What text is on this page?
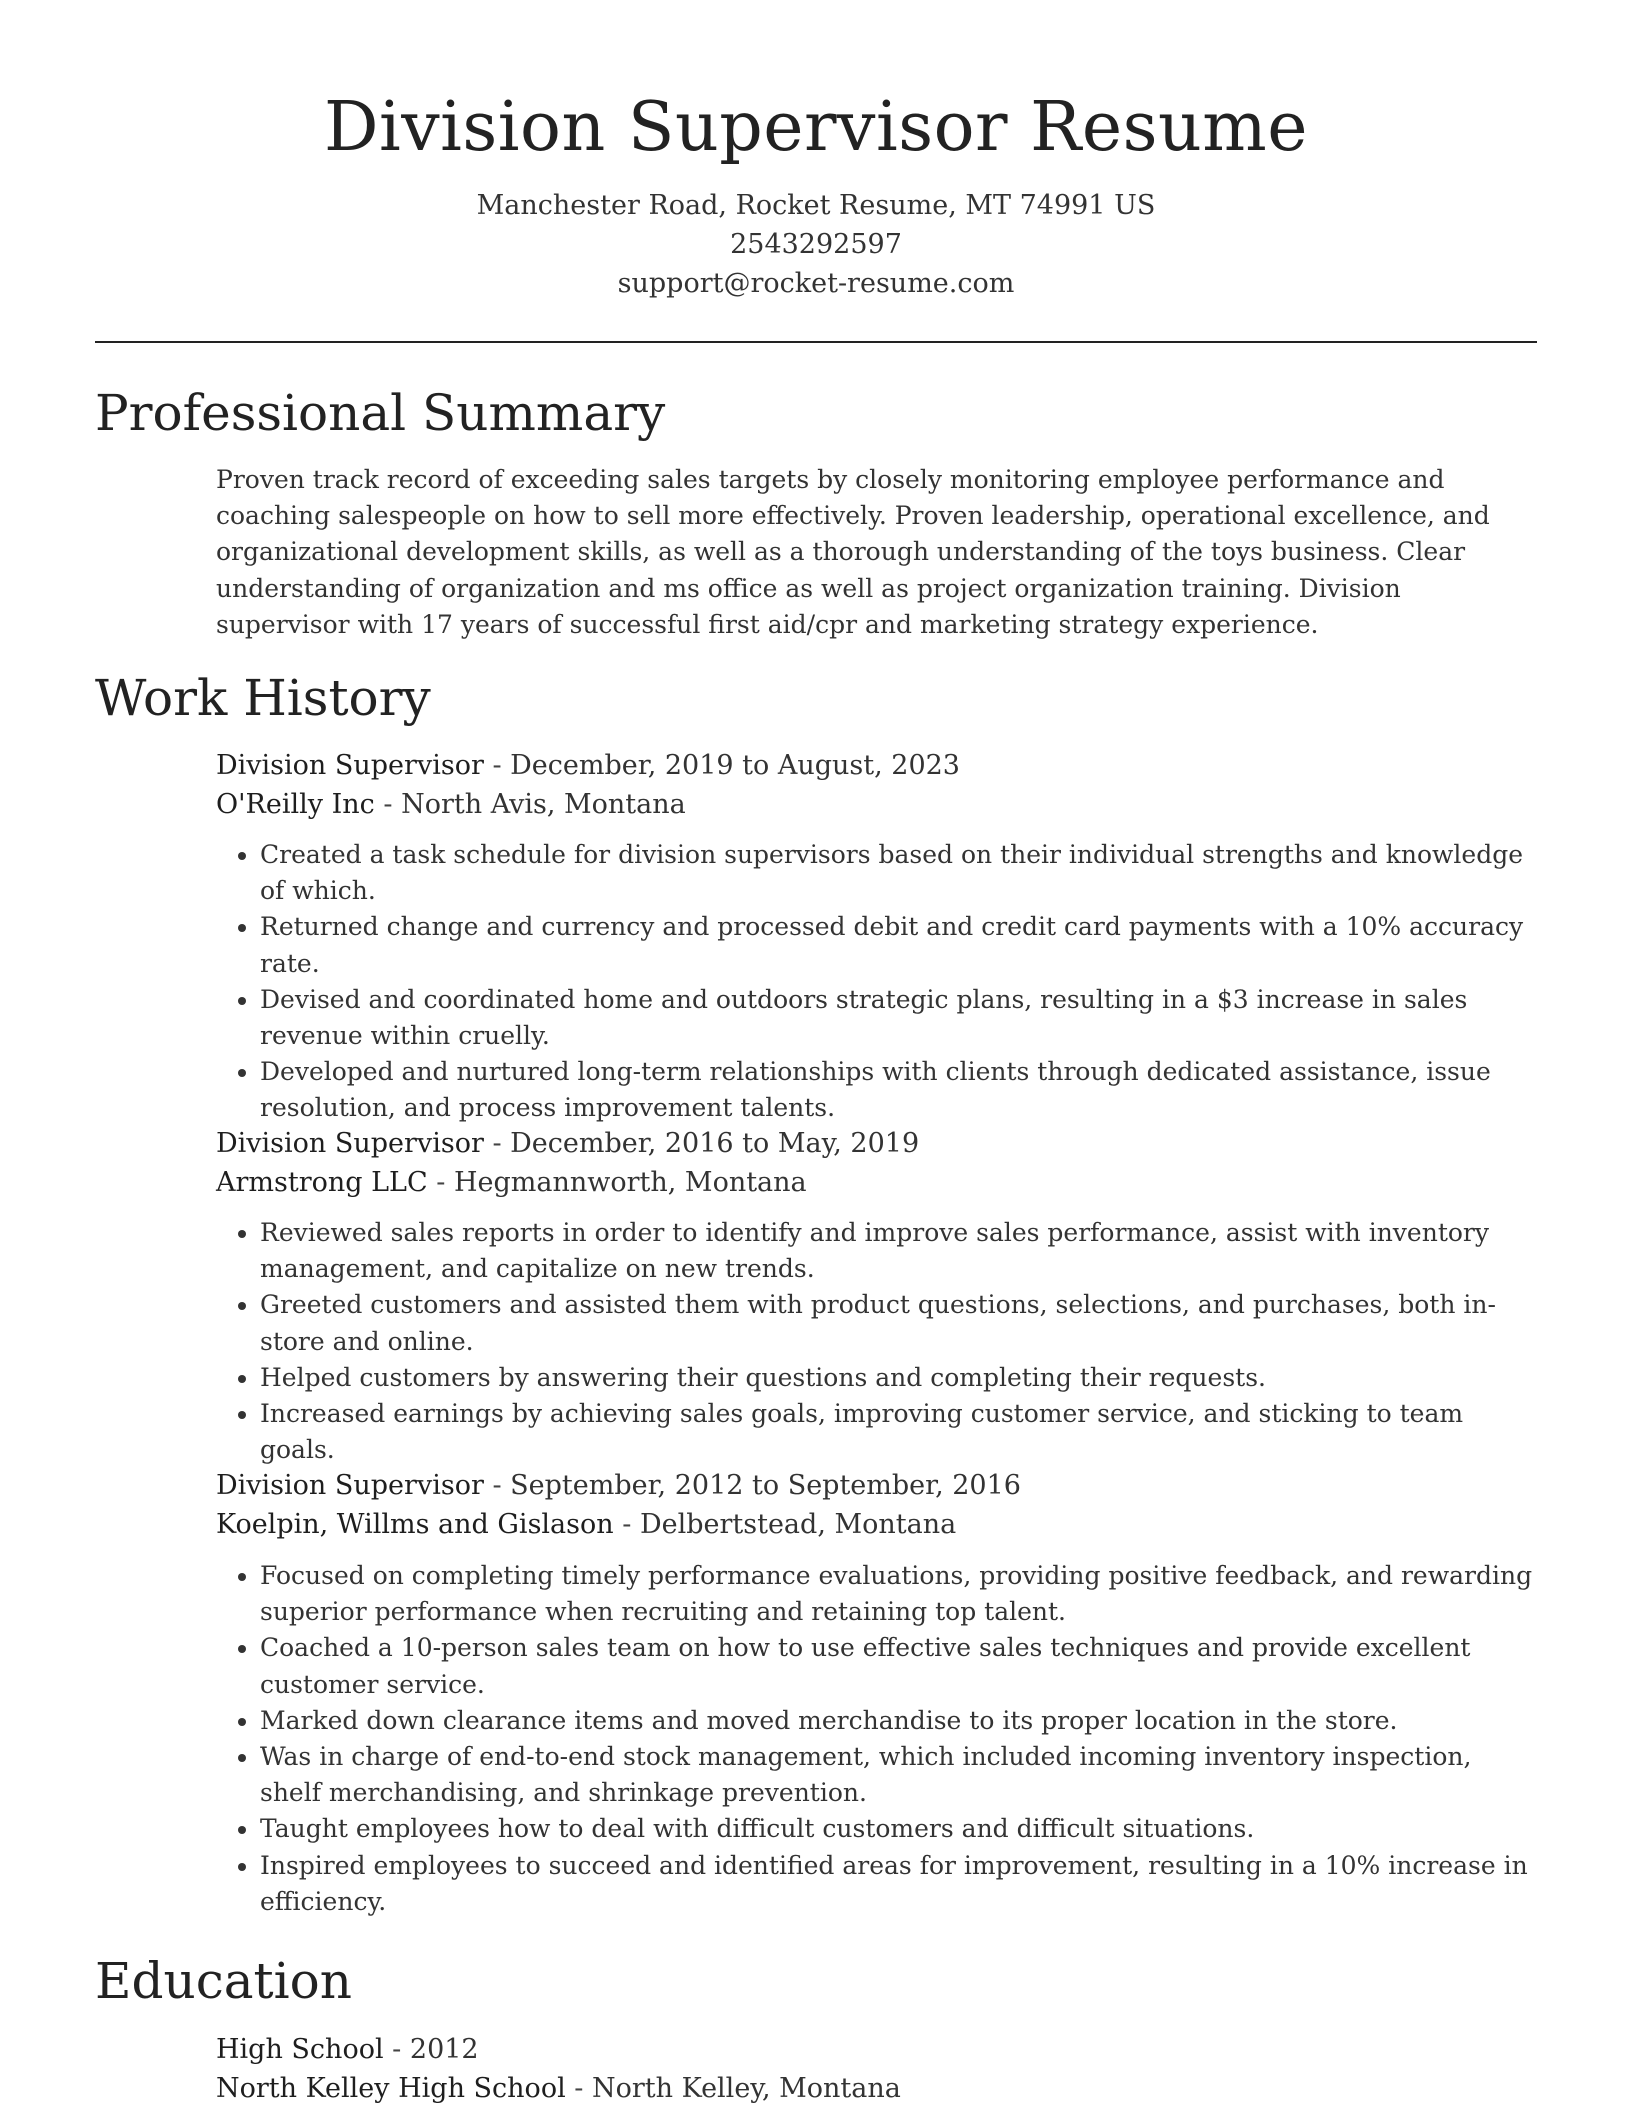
Division Supervisor Resume
Manchester Road, Rocket Resume, MT 74991 US
2543292597
support@rocket-resume.com
Professional Summary

Proven track record of exceeding sales targets by closely monitoring employee performance and coaching salespeople on how to sell more effectively. Proven leadership, operational excellence, and organizational development skills, as well as a thorough understanding of the toys business. Clear understanding of organization and ms office as well as project organization training. Division supervisor with 17 years of successful first aid/cpr and marketing strategy experience.

Work History
Division Supervisor - December, 2019 to August, 2023
O'Reilly Inc - North Avis, Montana
• Created a task schedule for division supervisors based on their individual strengths and knowledge of which.
• Returned change and currency and processed debit and credit card payments with a 10% accuracy rate.
• Devised and coordinated home and outdoors strategic plans, resulting in a $3 increase in sales revenue within cruelly.
• Developed and nurtured long-term relationships with clients through dedicated assistance, issue resolution, and process improvement talents.
Division Supervisor - December, 2016 to May, 2019
Armstrong LLC - Hegmannworth, Montana
• Reviewed sales reports in order to identify and improve sales performance, assist with inventory management, and capitalize on new trends.
• Greeted customers and assisted them with product questions, selections, and purchases, both in-store and online.
• Helped customers by answering their questions and completing their requests.
• Increased earnings by achieving sales goals, improving customer service, and sticking to team goals.
Division Supervisor - September, 2012 to September, 2016
Koelpin, Willms and Gislason - Delbertstead, Montana
• Focused on completing timely performance evaluations, providing positive feedback, and rewarding superior performance when recruiting and retaining top talent.
• Coached a 10-person sales team on how to use effective sales techniques and provide excellent customer service.
• Marked down clearance items and moved merchandise to its proper location in the store.
• Was in charge of end-to-end stock management, which included incoming inventory inspection, shelf merchandising, and shrinkage prevention.
• Taught employees how to deal with difficult customers and difficult situations.
• Inspired employees to succeed and identified areas for improvement, resulting in a 10% increase in efficiency.
Education
High School - 2012
North Kelley High School - North Kelley, Montana
